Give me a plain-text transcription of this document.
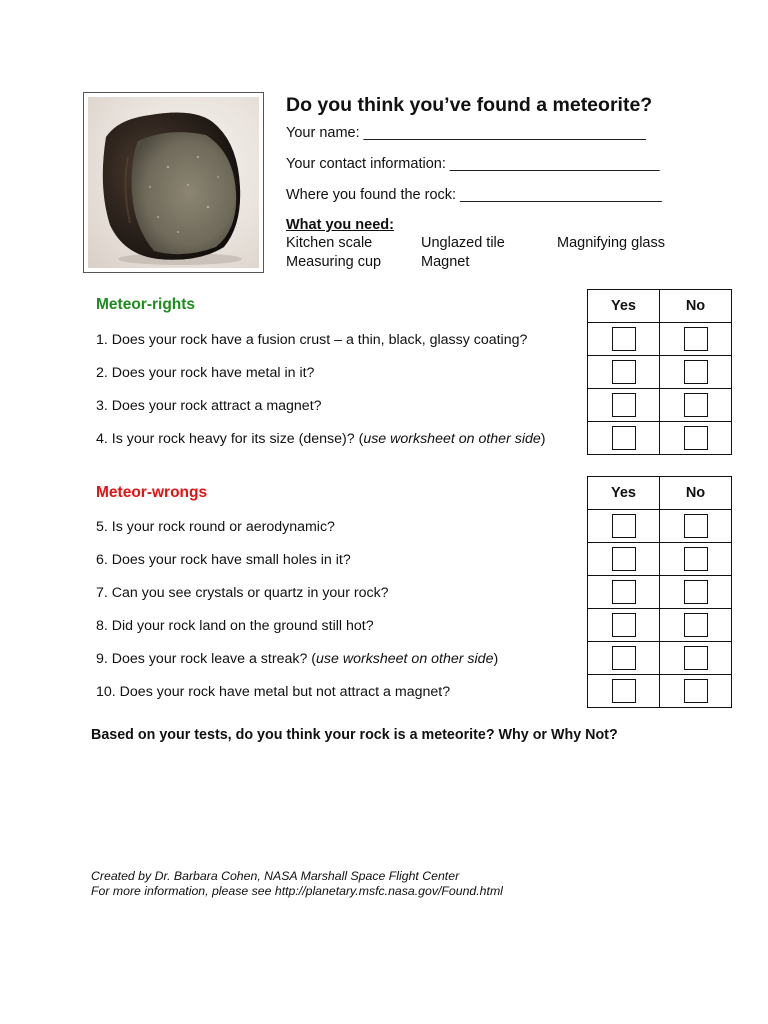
Do you think you’ve found a meteorite?
Your name: ___________________________________
Your contact information: __________________________
Where you found the rock: _________________________
What you need:
Kitchen scale	Unglazed tile	Magnifying glass
Measuring cup	Magnet
Meteor-rights
1. Does your rock have a fusion crust – a thin, black, glassy coating?
2. Does your rock have metal in it?
3. Does your rock attract a magnet?
4. Is your rock heavy for its size (dense)? (use worksheet on other side)
Yes	No

Meteor-wrongs
5. Is your rock round or aerodynamic?
6. Does your rock have small holes in it?
7. Can you see crystals or quartz in your rock?
8. Did your rock land on the ground still hot?
9. Does your rock leave a streak? (use worksheet on other side)
10. Does your rock have metal but not attract a magnet?
Yes	No

Based on your tests, do you think your rock is a meteorite? Why or Why Not?
Created by Dr. Barbara Cohen, NASA Marshall Space Flight Center
For more information, please see http://planetary.msfc.nasa.gov/Found.html
